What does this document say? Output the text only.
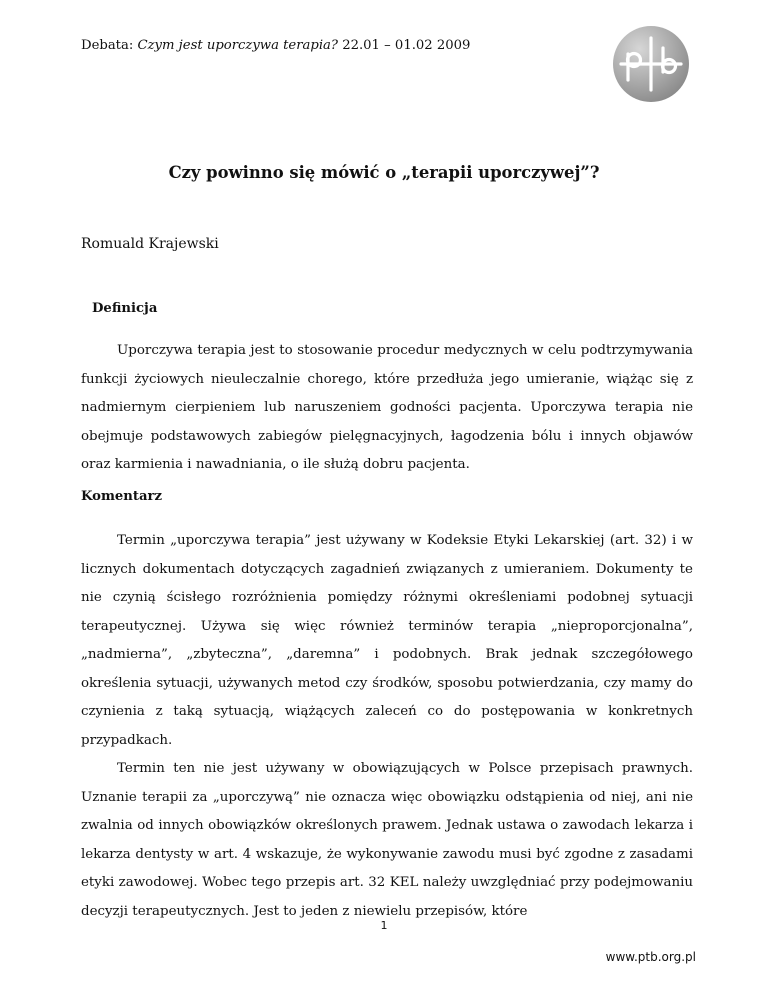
Debata: Czym jest uporczywa terapia? 22.01 – 01.02 2009
Czy powinno się mówić o „terapii uporczywej”?
Romuald Krajewski
Definicja

Uporczywa terapia jest to stosowanie procedur medycznych w celu podtrzymywania funkcji życiowych nieuleczalnie chorego, które przedłuża jego umieranie, wiążąc się z nadmiernym cierpieniem lub naruszeniem godności pacjenta. Uporczywa terapia nie obejmuje podstawowych zabiegów pielęgnacyjnych, łagodzenia bólu i innych objawów oraz karmienia i nawadniania, o ile służą dobru pacjenta.

Komentarz

Termin „uporczywa terapia” jest używany w Kodeksie Etyki Lekarskiej (art. 32) i w licznych dokumentach dotyczących zagadnień związanych z umieraniem. Dokumenty te nie czynią ścisłego rozróżnienia pomiędzy różnymi określeniami podobnej sytuacji terapeutycznej. Używa się więc również terminów terapia „nieproporcjonalna”, „nadmierna”, „zbyteczna”, „daremna” i podobnych. Brak jednak szczegółowego określenia sytuacji, używanych metod czy środków, sposobu potwierdzania, czy mamy do czynienia z taką sytuacją, wiążących zaleceń co do postępowania w konkretnych przypadkach.

Termin ten nie jest używany w obowiązujących w Polsce przepisach prawnych. Uznanie terapii za „uporczywą” nie oznacza więc obowiązku odstąpienia od niej, ani nie zwalnia od innych obowiązków określonych prawem. Jednak ustawa o zawodach lekarza i lekarza dentysty w art. 4 wskazuje, że wykonywanie zawodu musi być zgodne z zasadami etyki zawodowej. Wobec tego przepis art. 32 KEL należy uwzględniać przy podejmowaniu decyzji terapeutycznych. Jest to jeden z niewielu przepisów, które

1
www.ptb.org.pl
